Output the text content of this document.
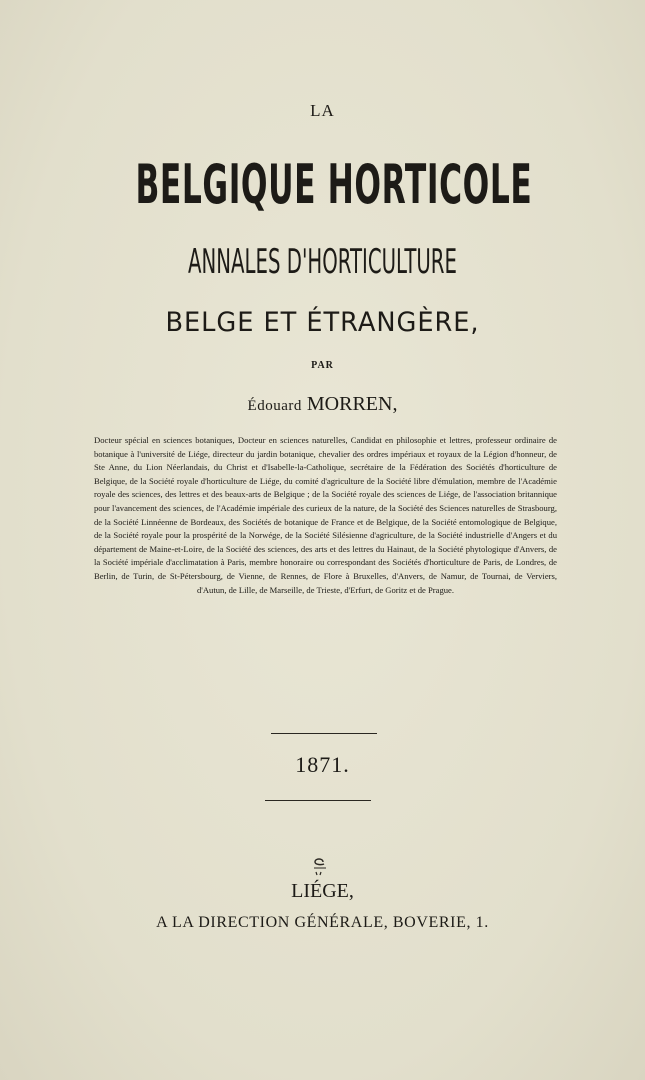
LA
BELGIQUE HORTICOLE
ANNALES D'HORTICULTURE
BELGE ET ÉTRANGÈRE,
PAR
Édouard MORREN,
Docteur spécial en sciences botaniques, Docteur en sciences naturelles, Candidat en philosophie et lettres, professeur ordinaire de botanique à l'université de Liége, directeur du jardin botanique, chevalier des ordres impériaux et royaux de la Légion d'honneur, de Ste Anne, du Lion Néerlandais, du Christ et d'Isabelle-la-Catholique, secrétaire de la Fédération des Sociétés d'horticulture de Belgique, de la Société royale d'horticulture de Liége, du comité d'agriculture de la Société libre d'émulation, membre de l'Académie royale des sciences, des lettres et des beaux-arts de Belgique ; de la Société royale des sciences de Liége, de l'association britannique pour l'avancement des sciences, de l'Académie impériale des curieux de la nature, de la Société des Sciences naturelles de Strasbourg, de la Société Linnéenne de Bordeaux, des Sociétés de botanique de France et de Belgique, de la Société entomologique de Belgique, de la Société royale pour la prospérité de la Norwége, de la Société Silésienne d'agriculture, de la Société industrielle d'Angers et du département de Maine-et-Loire, de la Société des sciences, des arts et des lettres du Hainaut, de la Société phytologique d'Anvers, de la Société impériale d'acclimatation à Paris, membre honoraire ou correspondant des Sociétés d'horticulture de Paris, de Londres, de Berlin, de Turin, de St-Pétersbourg, de Vienne, de Rennes, de Flore à Bruxelles, d'Anvers, de Namur, de Tournai, de Verviers, d'Autun, de Lille, de Marseille, de Trieste, d'Erfurt, de Goritz et de Prague.
1871.
LIÉGE,
A LA DIRECTION GÉNÉRALE, BOVERIE, 1.
